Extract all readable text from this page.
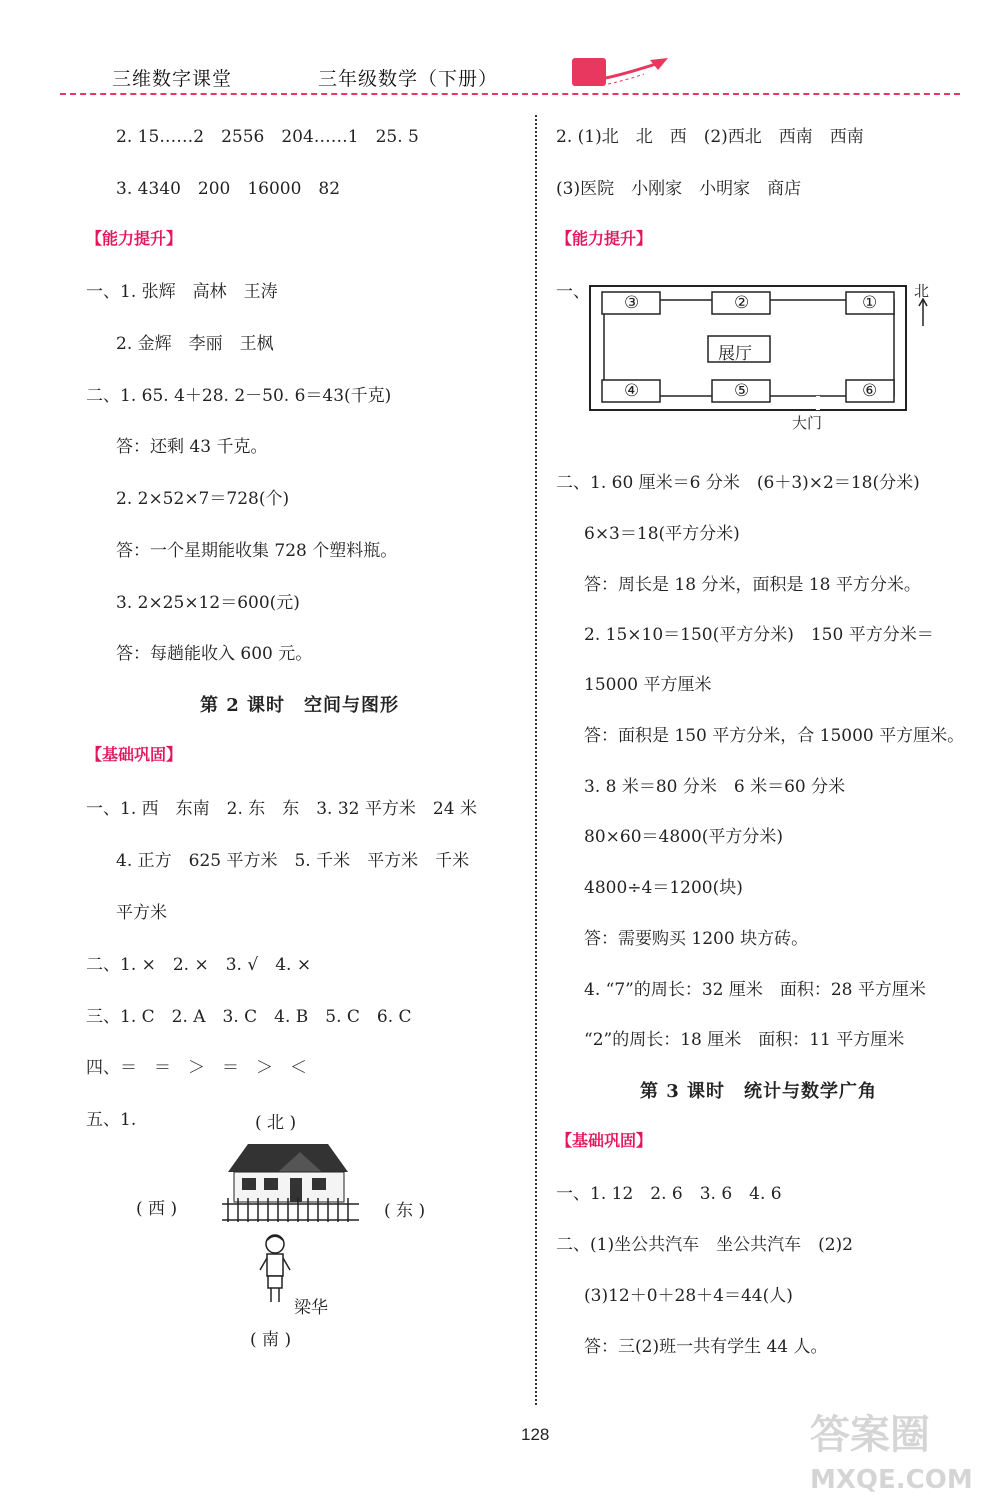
三维数字课堂	三年级数学（下册）
2. 15……2　2556　204……1　25. 5
3. 4340　200　16000　82
【能力提升】
一、1. 张辉　高林　王涛
2. 金辉　李丽　王枫
二、1. 65. 4＋28. 2－50. 6＝43(千克)
答：还剩 43 千克。
2. 2×52×7＝728(个)
答：一个星期能收集 728 个塑料瓶。
3. 2×25×12＝600(元)
答：每趟能收入 600 元。
第 2 课时　空间与图形
【基础巩固】
一、1. 西　东南　2. 东　东　3. 32 平方米　24 米
4. 正方　625 平方米　5. 千米　平方米　千米
平方米
二、1. ×　2. ×　3. √　4. ×
三、1. C　2. A　3. C　4. B　5. C　6. C
四、＝　＝　＞　＝　＞　＜
五、1.
2. (1)北　北　西　(2)西北　西南　西南
(3)医院　小刚家　小明家　商店
【能力提升】
一、
二、1. 60 厘米＝6 分米　(6＋3)×2＝18(分米)
6×3＝18(平方分米)
答：周长是 18 分米，面积是 18 平方分米。
2. 15×10＝150(平方分米)　150 平方分米＝
15000 平方厘米
答：面积是 150 平方分米，合 15000 平方厘米。
3. 8 米＝80 分米　6 米＝60 分米
80×60＝4800(平方分米)
4800÷4＝1200(块)
答：需要购买 1200 块方砖。
4. “7”的周长：32 厘米　面积：28 平方厘米
“2”的周长：18 厘米　面积：11 平方厘米
第 3 课时　统计与数学广角
【基础巩固】
一、1. 12　2. 6　3. 6　4. 6
二、(1)坐公共汽车　坐公共汽车　(2)2
(3)12＋0＋28＋4＝44(人)
答：三(2)班一共有学生 44 人。
( 北 )
( 西 )	( 东 )
( 南 )
梁华
③	②	①
展厅
④	⑤	⑥
大门
北
128	答案圈
MXQE.COM
